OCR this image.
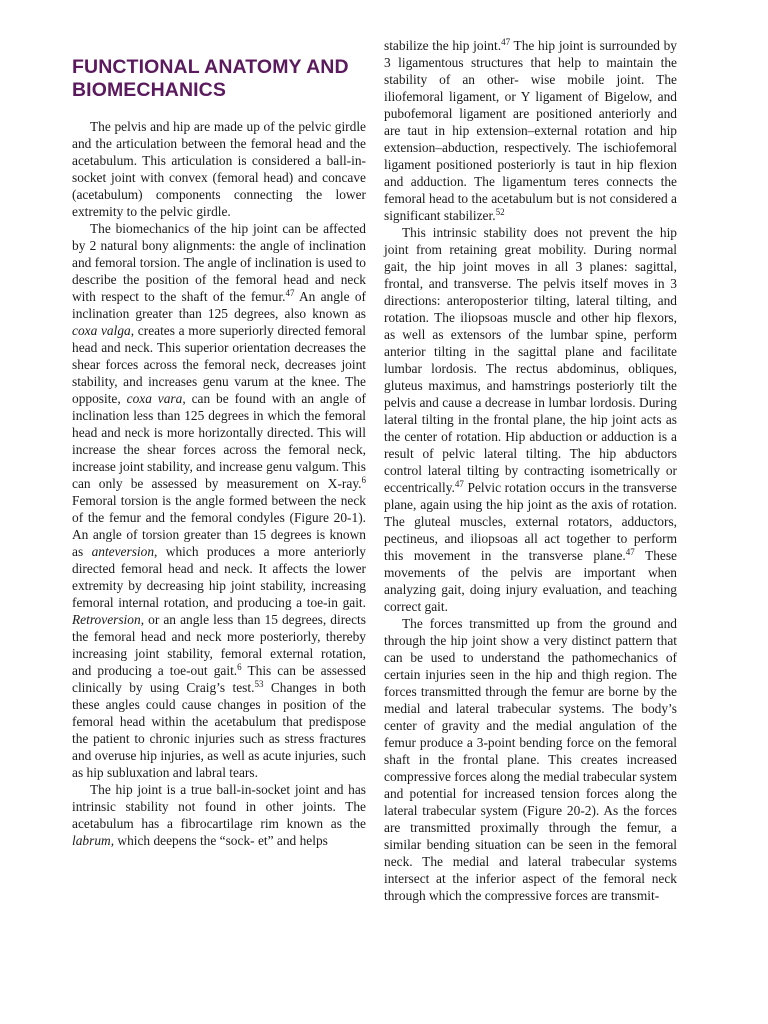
FUNCTIONAL ANATOMY AND BIOMECHANICS

The pelvis and hip are made up of the pelvic girdle and the articulation between the femoral head and the acetabulum. This articulation is considered a ball-in-socket joint with convex (femoral head) and concave (acetabulum) components connecting the lower extremity to the pelvic girdle.

The biomechanics of the hip joint can be affected by 2 natural bony alignments: the angle of inclination and femoral torsion. The angle of inclination is used to describe the position of the femoral head and neck with respect to the shaft of the femur.$^{47}$ An angle of inclination greater than 125 degrees, also known as coxa valga, creates a more superiorly directed femoral head and neck. This superior orientation decreases the shear forces across the femoral neck, decreases joint stability, and increases genu varum at the knee. The opposite, coxa vara, can be found with an angle of inclination less than 125 degrees in which the femoral head and neck is more horizontally directed. This will increase the shear forces across the femoral neck, increase joint stability, and increase genu valgum. This can only be assessed by measurement on X-ray.$^6$ Femoral torsion is the angle formed between the neck of the femur and the femoral condyles (Figure 20-1). An angle of torsion greater than 15 degrees is known as anteversion, which produces a more anteriorly directed femoral head and neck. It affects the lower extremity by decreasing hip joint stability, increasing femoral internal rotation, and producing a toe-in gait. Retroversion, or an angle less than 15 degrees, directs the femoral head and neck more posteriorly, thereby increasing joint stability, femoral external rotation, and producing a toe-out gait.$^6$ This can be assessed clinically by using Craig’s test.$^{53}$ Changes in both these angles could cause changes in position of the femoral head within the acetabulum that predispose the patient to chronic injuries such as stress fractures and overuse hip injuries, as well as acute injuries, such as hip subluxation and labral tears.

The hip joint is a true ball-in-socket joint and has intrinsic stability not found in other joints. The acetabulum has a fibrocartilage rim known as the labrum, which deepens the “sock- et” and helps

stabilize the hip joint.$^{47}$ The hip joint is surrounded by 3 ligamentous structures that help to maintain the stability of an other- wise mobile joint. The iliofemoral ligament, or Y ligament of Bigelow, and pubofemoral ligament are positioned anteriorly and are taut in hip extension–external rotation and hip extension–abduction, respectively. The ischiofemoral ligament positioned posteriorly is taut in hip flexion and adduction. The ligamentum teres connects the femoral head to the acetabulum but is not considered a significant stabilizer.$^{52}$

This intrinsic stability does not prevent the hip joint from retaining great mobility. During normal gait, the hip joint moves in all 3 planes: sagittal, frontal, and transverse. The pelvis itself moves in 3 directions: anteroposterior tilting, lateral tilting, and rotation. The iliopsoas muscle and other hip flexors, as well as extensors of the lumbar spine, perform anterior tilting in the sagittal plane and facilitate lumbar lordosis. The rectus abdominus, obliques, gluteus maximus, and hamstrings posteriorly tilt the pelvis and cause a decrease in lumbar lordosis. During lateral tilting in the frontal plane, the hip joint acts as the center of rotation. Hip abduction or adduction is a result of pelvic lateral tilting. The hip abductors control lateral tilting by contracting isometrically or eccentrically.$^{47}$ Pelvic rotation occurs in the transverse plane, again using the hip joint as the axis of rotation. The gluteal muscles, external rotators, adductors, pectineus, and iliopsoas all act together to perform this movement in the transverse plane.$^{47}$ These movements of the pelvis are important when analyzing gait, doing injury evaluation, and teaching correct gait.

The forces transmitted up from the ground and through the hip joint show a very distinct pattern that can be used to understand the pathomechanics of certain injuries seen in the hip and thigh region. The forces transmitted through the femur are borne by the medial and lateral trabecular systems. The body’s center of gravity and the medial angulation of the femur produce a 3-point bending force on the femoral shaft in the frontal plane. This creates increased compressive forces along the medial trabecular system and potential for increased tension forces along the lateral trabecular system (Figure 20-2). As the forces are transmitted proximally through the femur, a similar bending situation can be seen in the femoral neck. The medial and lateral trabecular systems intersect at the inferior aspect of the femoral neck through which the compressive forces are transmit-
